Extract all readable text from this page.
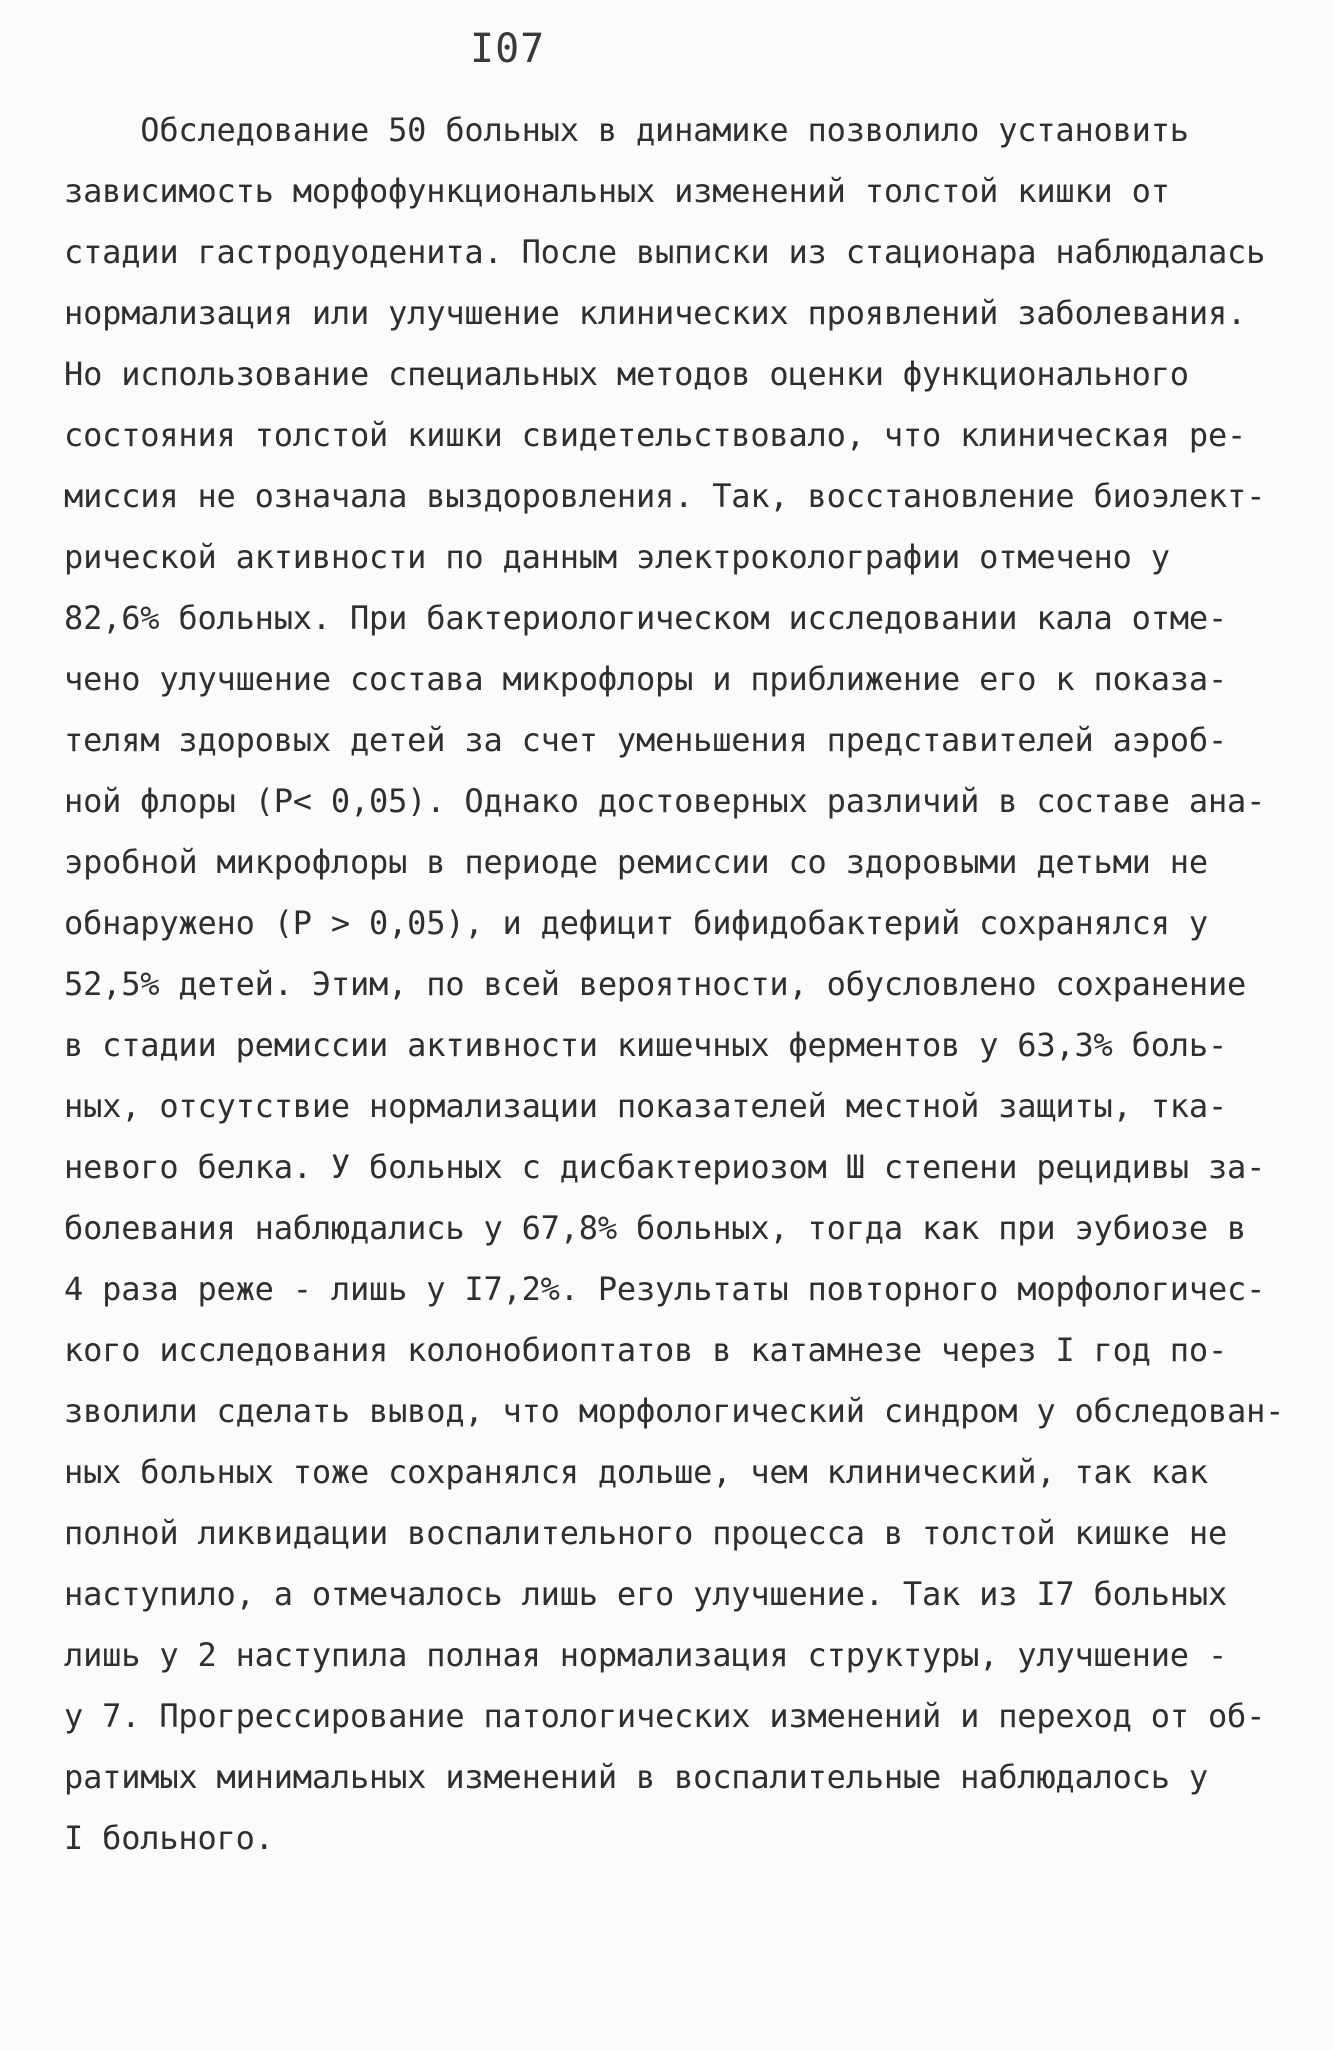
I07
Обследование 50 больных в динамике позволило установить
зависимость морфофункциональных изменений толстой кишки от
стадии гастродуоденита. После выписки из стационара наблюдалась
нормализация или улучшение клинических проявлений заболевания.
Но использование специальных методов оценки функционального
состояния толстой кишки свидетельствовало, что клиническая ре-
миссия не означала выздоровления. Так, восстановление биоэлект-
рической активности по данным электроколографии отмечено у
82,6% больных. При бактериологическом исследовании кала отме-
чено улучшение состава микрофлоры и приближение его к показа-
телям здоровых детей за счет уменьшения представителей аэроб-
ной флоры (Р< 0,05). Однако достоверных различий в составе ана-
эробной микрофлоры в периоде ремиссии со здоровыми детьми не
обнаружено (Р > 0,05), и дефицит бифидобактерий сохранялся у
52,5% детей. Этим, по всей вероятности, обусловлено сохранение
в стадии ремиссии активности кишечных ферментов у 63,3% боль-
ных, отсутствие нормализации показателей местной защиты, тка-
невого белка. У больных с дисбактериозом Ш степени рецидивы за-
болевания наблюдались у 67,8% больных, тогда как при эубиозе в
4 раза реже - лишь у I7,2%. Результаты повторного морфологичес-
кого исследования колонобиоптатов в катамнезе через I год по-
зволили сделать вывод, что морфологический синдром у обследован-
ных больных тоже сохранялся дольше, чем клинический, так как
полной ликвидации воспалительного процесса в толстой кишке не
наступило, а отмечалось лишь его улучшение. Так из I7 больных
лишь у 2 наступила полная нормализация структуры, улучшение -
у 7. Прогрессирование патологических изменений и переход от об-
ратимых минимальных изменений в воспалительные наблюдалось у
I больного.
